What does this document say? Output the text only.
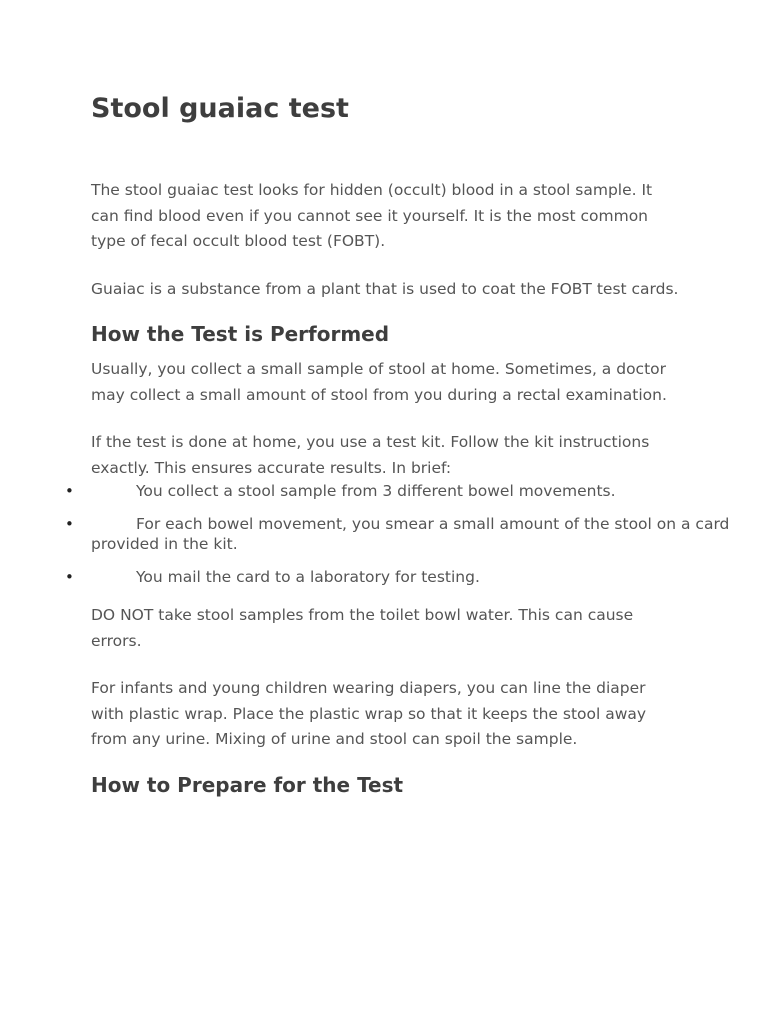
Stool guaiac test

The stool guaiac test looks for hidden (occult) blood in a stool sample. It can find blood even if you cannot see it yourself. It is the most common type of fecal occult blood test (FOBT).

Guaiac is a substance from a plant that is used to coat the FOBT test cards.

How the Test is Performed

Usually, you collect a small sample of stool at home. Sometimes, a doctor may collect a small amount of stool from you during a rectal examination.

If the test is done at home, you use a test kit. Follow the kit instructions exactly. This ensures accurate results. In brief:

•	You collect a stool sample from 3 different bowel movements.
•	For each bowel movement, you smear a small amount of the stool on a card provided in the kit.
•	You mail the card to a laboratory for testing.

DO NOT take stool samples from the toilet bowl water. This can cause errors.

For infants and young children wearing diapers, you can line the diaper with plastic wrap. Place the plastic wrap so that it keeps the stool away from any urine. Mixing of urine and stool can spoil the sample.

How to Prepare for the Test
